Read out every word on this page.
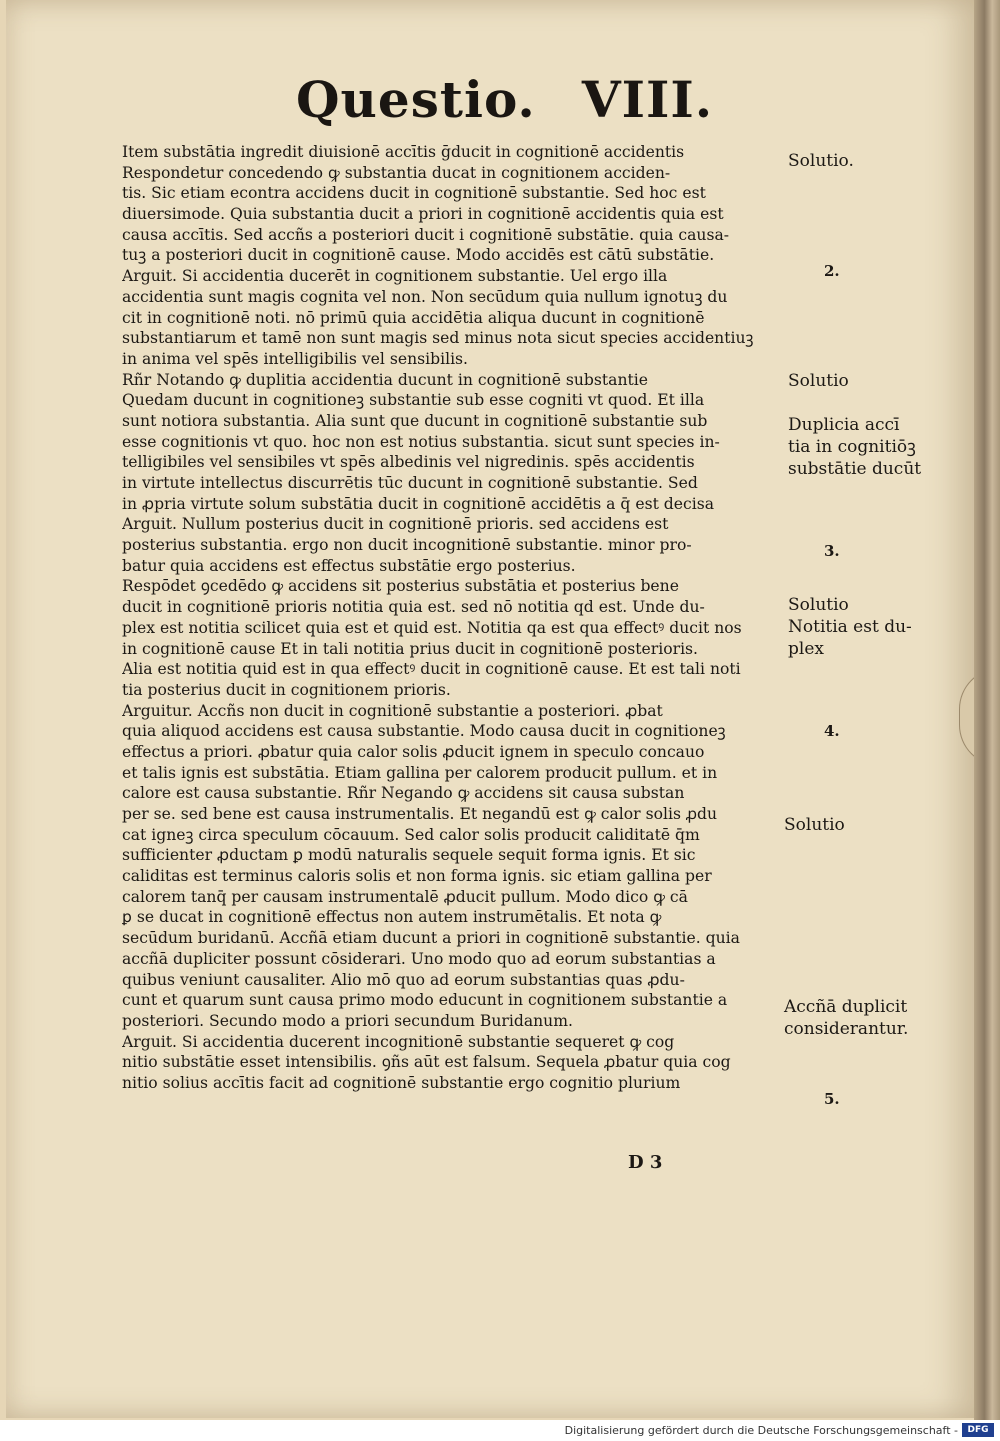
Questio. VIII.
Item substātia ingredit diuisionē accītis ḡducit in cognitionē accidentis
Respondetur concedendo ꝙ substantia ducat in cognitionem acciden-
tis. Sic etiam econtra accidens ducit in cognitionē substantie. Sed hoc est
diuersimode. Quia substantia ducit a priori in cognitionē accidentis quia est
causa accītis. Sed accñs a posteriori ducit i cognitionē substātie. quia causa-
tuꝫ a posteriori ducit in cognitionē cause. Modo accidēs est cātū substātie.
Arguit. Si accidentia ducerēt in cognitionem substantie. Uel ergo illa
accidentia sunt magis cognita vel non. Non secūdum quia nullum ignotuꝫ du
cit in cognitionē noti. nō primū quia accidētia aliqua ducunt in cognitionē
substantiarum et tamē non sunt magis sed minus nota sicut species accidentiuꝫ
in anima vel spēs intelligibilis vel sensibilis.
Rñr Notando ꝙ duplitia accidentia ducunt in cognitionē substantie
Quedam ducunt in cognitioneꝫ substantie sub esse cogniti vt quod. Et illa
sunt notiora substantia. Alia sunt que ducunt in cognitionē substantie sub
esse cognitionis vt quo. hoc non est notius substantia. sicut sunt species in-
telligibiles vel sensibiles vt spēs albedinis vel nigredinis. spēs accidentis
in virtute intellectus discurrētis tūc ducunt in cognitionē substantie. Sed
in ꝓpria virtute solum substātia ducit in cognitionē accidētis a q̄ est decisa
Arguit. Nullum posterius ducit in cognitionē prioris. sed accidens est
posterius substantia. ergo non ducit incognitionē substantie. minor pro-
batur quia accidens est effectus substātie ergo posterius.
Respōdet ꝯcedēdo ꝙ accidens sit posterius substātia et posterius bene
ducit in cognitionē prioris notitia quia est. sed nō notitia qd est. Unde du-
plex est notitia scilicet quia est et quid est. Notitia qa est qua effectꝰ ducit nos
in cognitionē cause Et in tali notitia prius ducit in cognitionē posterioris.
Alia est notitia quid est in qua effectꝰ ducit in cognitionē cause. Et est tali noti
tia posterius ducit in cognitionem prioris.
Arguitur. Accñs non ducit in cognitionē substantie a posteriori. ꝓbat
quia aliquod accidens est causa substantie. Modo causa ducit in cognitioneꝫ
effectus a priori. ꝓbatur quia calor solis ꝓducit ignem in speculo concauo
et talis ignis est substātia. Etiam gallina per calorem producit pullum. et in
calore est causa substantie. Rñr Negando ꝙ accidens sit causa substan
per se. sed bene est causa instrumentalis. Et negandū est ꝙ calor solis ꝓdu
cat igneꝫ circa speculum cōcauum. Sed calor solis producit caliditatē q̄m
sufficienter ꝓductam ꝑ modū naturalis sequele sequit forma ignis. Et sic
caliditas est terminus caloris solis et non forma ignis. sic etiam gallina per
calorem tanq̄ per causam instrumentalē ꝓducit pullum. Modo dico ꝙ cā
ꝑ se ducat in cognitionē effectus non autem instrumētalis. Et nota ꝙ
secūdum buridanū. Accñā etiam ducunt a priori in cognitionē substantie. quia
accñā dupliciter possunt cōsiderari. Uno modo quo ad eorum substantias a
quibus veniunt causaliter. Alio mō quo ad eorum substantias quas ꝓdu-
cunt et quarum sunt causa primo modo educunt in cognitionem substantie a
posteriori. Secundo modo a priori secundum Buridanum.
Arguit. Si accidentia ducerent incognitionē substantie sequeret ꝙ cog
nitio substātie esset intensibilis. ꝯñs aūt est falsum. Sequela ꝓbatur quia cog
nitio solius accītis facit ad cognitionē substantie ergo cognitio plurium
Solutio.
2.
Solutio
Duplicia accī
tia in cognitiōꝫ
substātie ducūt
3.
Solutio
Notitia est du-
plex
4.
Solutio
Accñā duplicit
considerantur.
5.
D 3
Digitalisierung gefördert durch die Deutsche Forschungsgemeinschaft -	DFG
